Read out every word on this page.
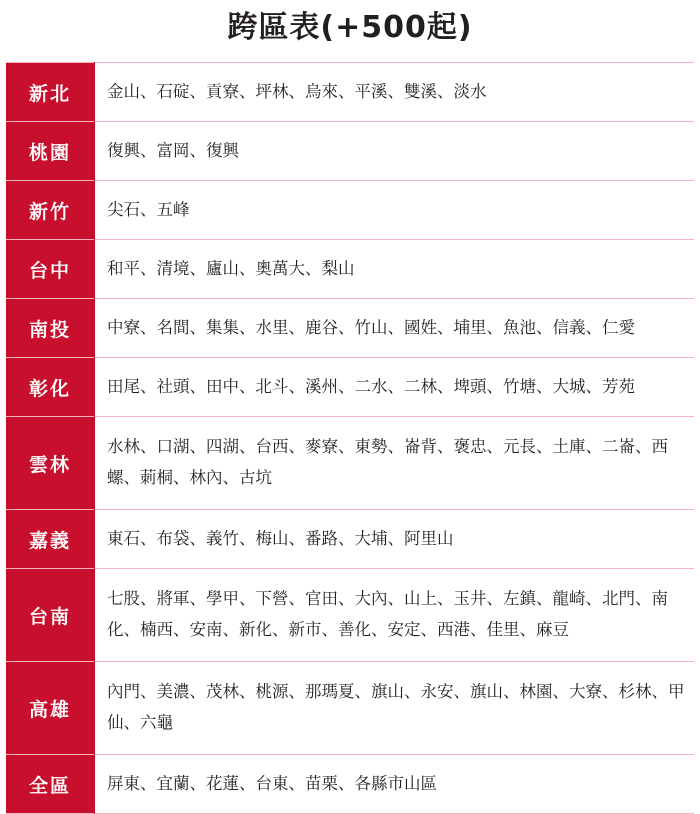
跨區表(+500起)
新北	金山、石碇、貢寮、坪林、烏來、平溪、雙溪、淡水
桃園	復興、富岡、復興
新竹	尖石、五峰
台中	和平、清境、廬山、奧萬大、梨山
南投	中寮、名間、集集、水里、鹿谷、竹山、國姓、埔里、魚池、信義、仁愛
彰化	田尾、社頭、田中、北斗、溪州、二水、二林、埤頭、竹塘、大城、芳苑
雲林	水林、口湖、四湖、台西、麥寮、東勢、崙背、褒忠、元長、土庫、二崙、西螺、莿桐、林內、古坑
嘉義	東石、布袋、義竹、梅山、番路、大埔、阿里山
台南	七股、將軍、學甲、下營、官田、大內、山上、玉井、左鎮、龍崎、北門、南化、楠西、安南、新化、新市、善化、安定、西港、佳里、麻豆
高雄	內門、美濃、茂林、桃源、那瑪夏、旗山、永安、旗山、林園、大寮、杉林、甲仙、六龜
全區	屏東、宜蘭、花蓮、台東、苗栗、各縣市山區
